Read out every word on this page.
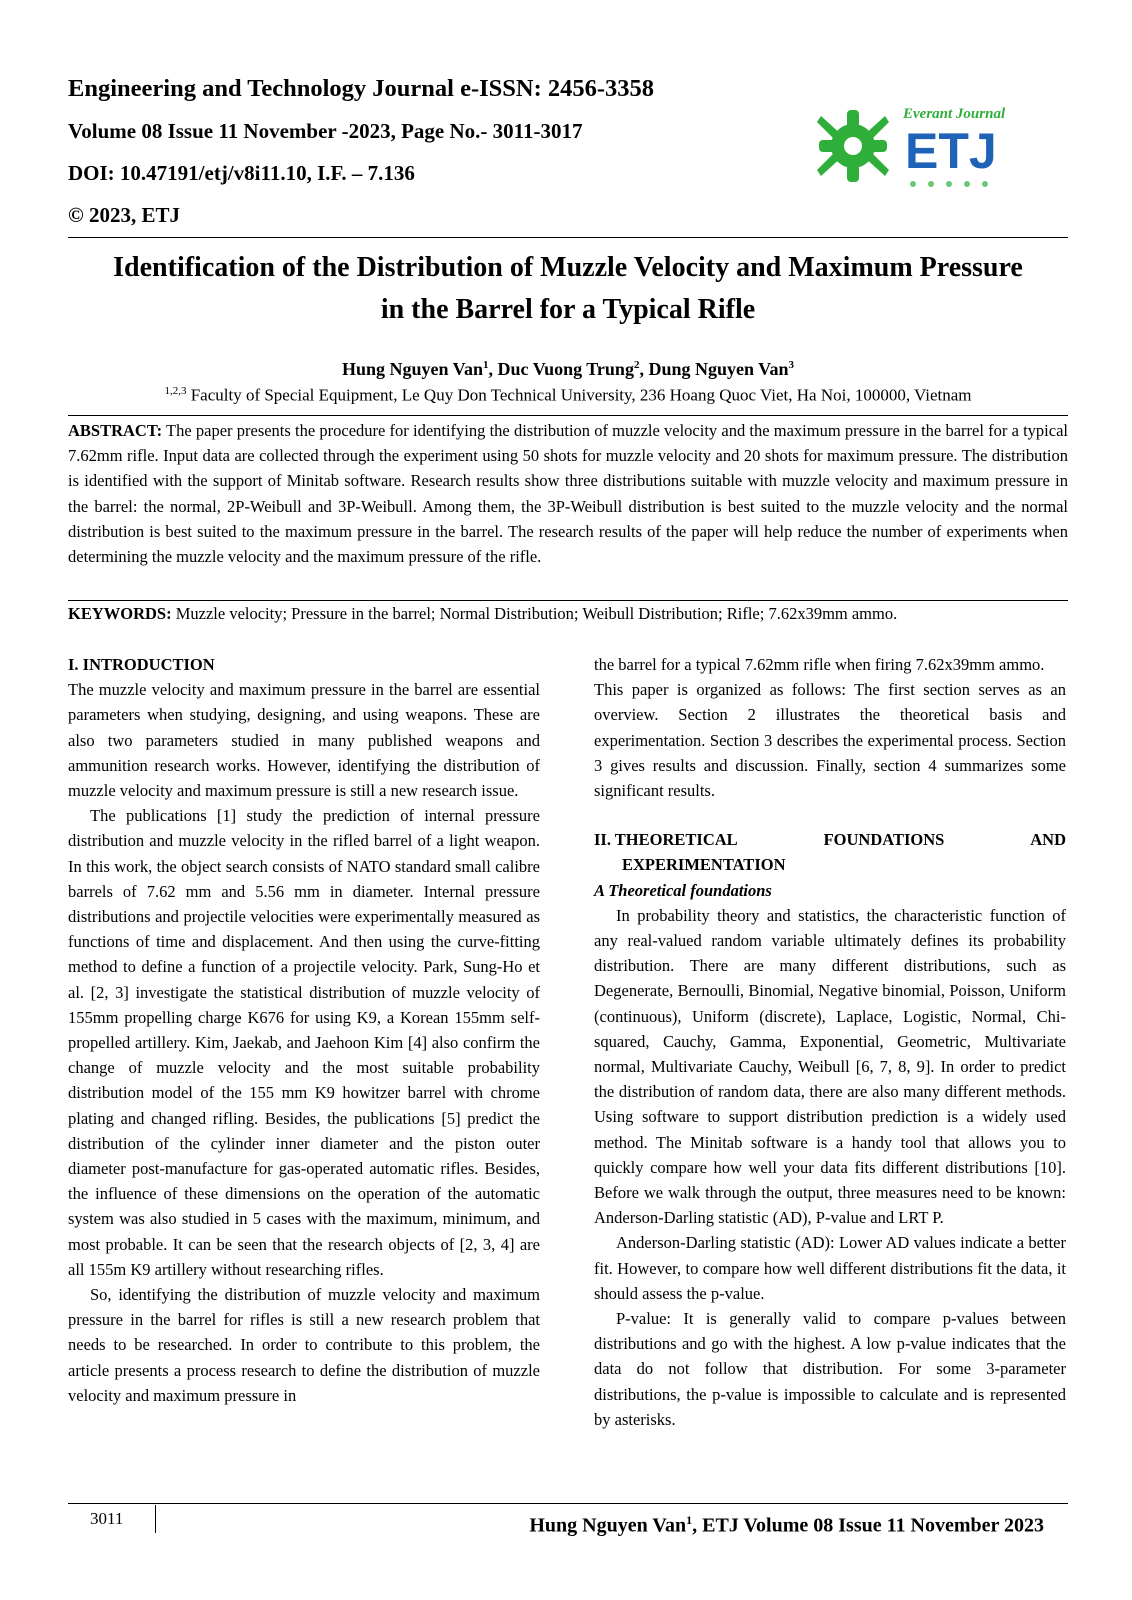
Engineering and Technology Journal e-ISSN: 2456-3358
Volume 08 Issue 11 November -2023, Page No.- 3011-3017
DOI: 10.47191/etj/v8i11.10, I.F. – 7.136
© 2023, ETJ
Everant Journal
ETJ
Identification of the Distribution of Muzzle Velocity and Maximum Pressure
in the Barrel for a Typical Rifle
Hung Nguyen Van$^1$, Duc Vuong Trung$^2$, Dung Nguyen Van$^3$
$^{1,2,3}$ Faculty of Special Equipment, Le Quy Don Technical University, 236 Hoang Quoc Viet, Ha Noi, 100000, Vietnam
ABSTRACT: The paper presents the procedure for identifying the distribution of muzzle velocity and the maximum pressure in the barrel for a typical 7.62mm rifle. Input data are collected through the experiment using 50 shots for muzzle velocity and 20 shots for maximum pressure. The distribution is identified with the support of Minitab software. Research results show three distributions suitable with muzzle velocity and maximum pressure in the barrel: the normal, 2P-Weibull and 3P-Weibull. Among them, the 3P-Weibull distribution is best suited to the muzzle velocity and the normal distribution is best suited to the maximum pressure in the barrel. The research results of the paper will help reduce the number of experiments when determining the muzzle velocity and the maximum pressure of the rifle.
KEYWORDS: Muzzle velocity; Pressure in the barrel; Normal Distribution; Weibull Distribution; Rifle; 7.62x39mm ammo.
I. INTRODUCTION

The muzzle velocity and maximum pressure in the barrel are essential parameters when studying, designing, and using weapons. These are also two parameters studied in many published weapons and ammunition research works. However, identifying the distribution of muzzle velocity and maximum pressure is still a new research issue.

The publications [1] study the prediction of internal pressure distribution and muzzle velocity in the rifled barrel of a light weapon. In this work, the object search consists of NATO standard small calibre barrels of 7.62 mm and 5.56 mm in diameter. Internal pressure distributions and projectile velocities were experimentally measured as functions of time and displacement. And then using the curve-fitting method to define a function of a projectile velocity. Park, Sung-Ho et al. [2, 3] investigate the statistical distribution of muzzle velocity of 155mm propelling charge K676 for using K9, a Korean 155mm self-propelled artillery. Kim, Jaekab, and Jaehoon Kim [4] also confirm the change of muzzle velocity and the most suitable probability distribution model of the 155 mm K9 howitzer barrel with chrome plating and changed rifling. Besides, the publications [5] predict the distribution of the cylinder inner diameter and the piston outer diameter post-manufacture for gas-operated automatic rifles. Besides, the influence of these dimensions on the operation of the automatic system was also studied in 5 cases with the maximum, minimum, and most probable. It can be seen that the research objects of [2, 3, 4] are all 155m K9 artillery without researching rifles.

So, identifying the distribution of muzzle velocity and maximum pressure in the barrel for rifles is still a new research problem that needs to be researched. In order to contribute to this problem, the article presents a process research to define the distribution of muzzle velocity and maximum pressure in

the barrel for a typical 7.62mm rifle when firing 7.62x39mm ammo.

This paper is organized as follows: The first section serves as an overview. Section 2 illustrates the theoretical basis and experimentation. Section 3 describes the experimental process. Section 3 gives results and discussion. Finally, section 4 summarizes some significant results.

II. THEORETICAL	FOUNDATIONS	AND
EXPERIMENTATION
A Theoretical foundations

In probability theory and statistics, the characteristic function of any real-valued random variable ultimately defines its probability distribution. There are many different distributions, such as Degenerate, Bernoulli, Binomial, Negative binomial, Poisson, Uniform (continuous), Uniform (discrete), Laplace, Logistic, Normal, Chi-squared, Cauchy, Gamma, Exponential, Geometric, Multivariate normal, Multivariate Cauchy, Weibull [6, 7, 8, 9]. In order to predict the distribution of random data, there are also many different methods. Using software to support distribution prediction is a widely used method. The Minitab software is a handy tool that allows you to quickly compare how well your data fits different distributions [10]. Before we walk through the output, three measures need to be known: Anderson-Darling statistic (AD), P-value and LRT P.

Anderson-Darling statistic (AD): Lower AD values indicate a better fit. However, to compare how well different distributions fit the data, it should assess the p-value.

P-value: It is generally valid to compare p-values between distributions and go with the highest. A low p-value indicates that the data do not follow that distribution. For some 3-parameter distributions, the p-value is impossible to calculate and is represented by asterisks.

3011	Hung Nguyen Van$^1$, ETJ Volume 08 Issue 11 November 2023
